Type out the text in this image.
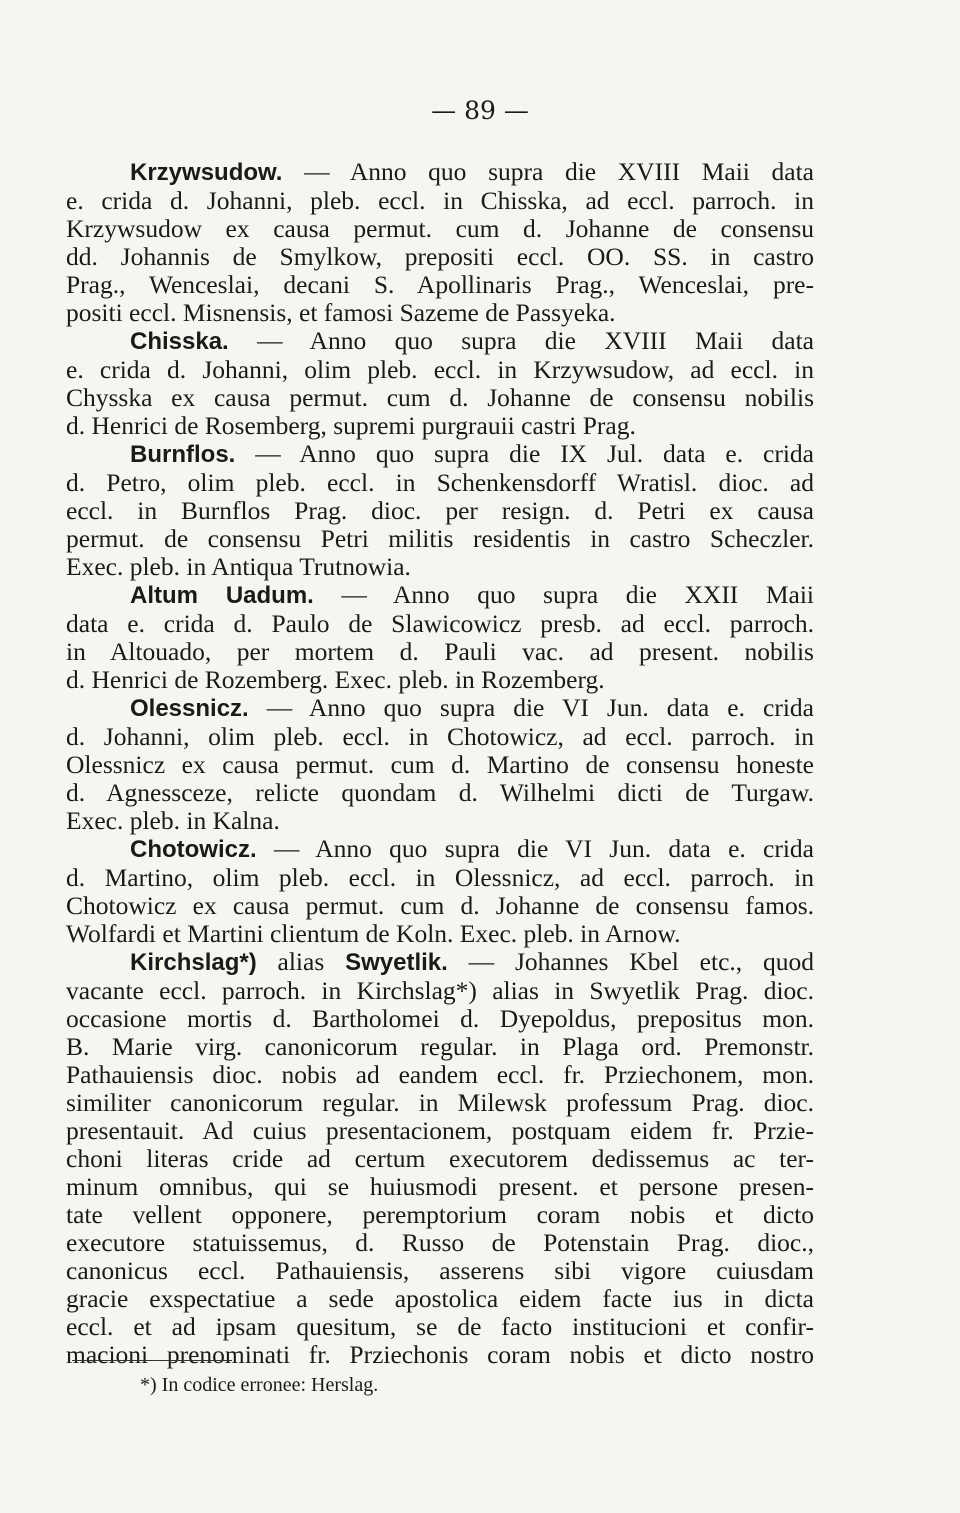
— 89 —
Krzywsudow. — Anno quo supra die XVIII Maii data
e. crida d. Johanni, pleb. eccl. in Chisska, ad eccl. parroch. in
Krzywsudow ex causa permut. cum d. Johanne de consensu
dd. Johannis de Smylkow, prepositi eccl. OO. SS. in castro
Prag., Wenceslai, decani S. Apollinaris Prag., Wenceslai, pre-
positi eccl. Misnensis, et famosi Sazeme de Passyeka.
Chisska. — Anno quo supra die XVIII Maii data
e. crida d. Johanni, olim pleb. eccl. in Krzywsudow, ad eccl. in
Chysska ex causa permut. cum d. Johanne de consensu nobilis
d. Henrici de Rosemberg, supremi purgrauii castri Prag.
Burnflos. — Anno quo supra die IX Jul. data e. crida
d. Petro, olim pleb. eccl. in Schenkensdorff Wratisl. dioc. ad
eccl. in Burnflos Prag. dioc. per resign. d. Petri ex causa
permut. de consensu Petri militis residentis in castro Scheczler.
Exec. pleb. in Antiqua Trutnowia.
Altum Uadum. — Anno quo supra die XXII Maii
data e. crida d. Paulo de Slawicowicz presb. ad eccl. parroch.
in Altouado, per mortem d. Pauli vac. ad present. nobilis
d. Henrici de Rozemberg. Exec. pleb. in Rozemberg.
Olessnicz. — Anno quo supra die VI Jun. data e. crida
d. Johanni, olim pleb. eccl. in Chotowicz, ad eccl. parroch. in
Olessnicz ex causa permut. cum d. Martino de consensu honeste
d. Agnessceze, relicte quondam d. Wilhelmi dicti de Turgaw.
Exec. pleb. in Kalna.
Chotowicz. — Anno quo supra die VI Jun. data e. crida
d. Martino, olim pleb. eccl. in Olessnicz, ad eccl. parroch. in
Chotowicz ex causa permut. cum d. Johanne de consensu famos.
Wolfardi et Martini clientum de Koln. Exec. pleb. in Arnow.
Kirchslag*) alias Swyetlik. — Johannes Kbel etc., quod
vacante eccl. parroch. in Kirchslag*) alias in Swyetlik Prag. dioc.
occasione mortis d. Bartholomei d. Dyepoldus, prepositus mon.
B. Marie virg. canonicorum regular. in Plaga ord. Premonstr.
Pathauiensis dioc. nobis ad eandem eccl. fr. Prziechonem, mon.
similiter canonicorum regular. in Milewsk professum Prag. dioc.
presentauit. Ad cuius presentacionem, postquam eidem fr. Przie-
choni literas cride ad certum executorem dedissemus ac ter-
minum omnibus, qui se huiusmodi present. et persone presen-
tate vellent opponere, peremptorium coram nobis et dicto
executore statuissemus, d. Russo de Potenstain Prag. dioc.,
canonicus eccl. Pathauiensis, asserens sibi vigore cuiusdam
gracie exspectatiue a sede apostolica eidem facte ius in dicta
eccl. et ad ipsam quesitum, se de facto institucioni et confir-
macioni prenominati fr. Prziechonis coram nobis et dicto nostro
*) In codice erronee: Herslag.
